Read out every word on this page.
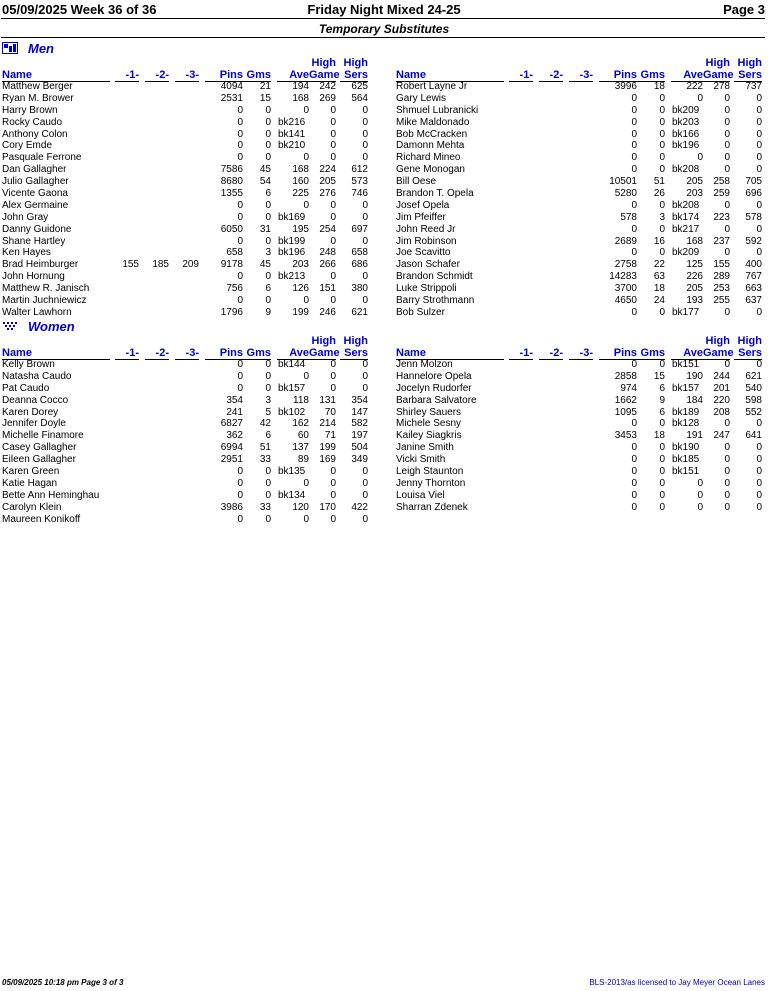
05/09/2025 Week 36 of 36	Friday Night Mixed 24-25	Page 3
Temporary Substitutes
Men
Name	-1-	-2-	-3-	Pins Gms	Ave
High
Game
High
Sers
Matthew Berger	4094	21	194	242	625
Ryan M. Brower	2531	15	168	269	564
Harry Brown	0	0	0	0	0
Rocky Caudo	0	0 bk216	0	0
Anthony Colon	0	0 bk141	0	0
Cory Emde	0	0 bk210	0	0
Pasquale Ferrone	0	0	0	0	0
Dan Gallagher	7586	45	168	224	612
Julio Gallagher	8680	54	160	205	573
Vicente Gaona	1355	6	225	276	746
Alex Germaine	0	0	0	0	0
John Gray	0	0 bk169	0	0
Danny Guidone	6050	31	195	254	697
Shane Hartley	0	0 bk199	0	0
Ken Hayes	658	3 bk196	248	658
Brad Heimburger	155	185	209	9178	45	203	266	686
John Hornung	0	0 bk213	0	0
Matthew R. Janisch	756	6	126	151	380
Martin Juchniewicz	0	0	0	0	0
Walter Lawhorn	1796	9	199	246	621
Name	-1-	-2-	-3-	Pins Gms	Ave
High
Game
High
Sers
Robert Layne Jr	3996	18	222	278	737
Gary Lewis	0	0	0	0	0
Shmuel Lubranicki	0	0 bk209	0	0
Mike Maldonado	0	0 bk203	0	0
Bob McCracken	0	0 bk166	0	0
Damonn Mehta	0	0 bk196	0	0
Richard Mineo	0	0	0	0	0
Gene Monogan	0	0 bk208	0	0
Bill Oese	10501	51	205	258	705
Brandon T. Opela	5280	26	203	259	696
Josef Opela	0	0 bk208	0	0
Jim Pfeiffer	578	3 bk174	223	578
John Reed Jr	0	0 bk217	0	0
Jim Robinson	2689	16	168	237	592
Joe Scavitto	0	0 bk209	0	0
Jason Schafer	2758	22	125	155	400
Brandon Schmidt	14283	63	226	289	767
Luke Strippoli	3700	18	205	253	663
Barry Strothmann	4650	24	193	255	637
Bob Sulzer	0	0 bk177	0	0
Women
Name	-1-	-2-	-3-	Pins Gms	Ave
High
Game
High
Sers
Kelly Brown	0	0 bk144	0	0
Natasha Caudo	0	0	0	0	0
Pat Caudo	0	0 bk157	0	0
Deanna Cocco	354	3	118	131	354
Karen Dorey	241	5 bk102	70	147
Jennifer Doyle	6827	42	162	214	582
Michelle Finamore	362	6	60	71	197
Casey Gallagher	6994	51	137	199	504
Eileen Gallagher	2951	33	89	169	349
Karen Green	0	0 bk135	0	0
Katie Hagan	0	0	0	0	0
Bette Ann Heminghau	0	0 bk134	0	0
Carolyn Klein	3986	33	120	170	422
Maureen Konikoff	0	0	0	0	0
Name	-1-	-2-	-3-	Pins Gms	Ave
High
Game
High
Sers
Jenn Molzon	0	0 bk151	0	0
Hannelore Opela	2858	15	190	244	621
Jocelyn Rudorfer	974	6 bk157	201	540
Barbara Salvatore	1662	9	184	220	598
Shirley Sauers	1095	6 bk189	208	552
Michele Sesny	0	0 bk128	0	0
Kailey Siagkris	3453	18	191	247	641
Janine Smith	0	0 bk190	0	0
Vicki Smith	0	0 bk185	0	0
Leigh Staunton	0	0 bk151	0	0
Jenny Thornton	0	0	0	0	0
Louisa Viel	0	0	0	0	0
Sharran Zdenek	0	0	0	0	0
05/09/2025 10:18 pm Page 3 of 3	BLS-2013/as licensed to Jay Meyer Ocean Lanes
